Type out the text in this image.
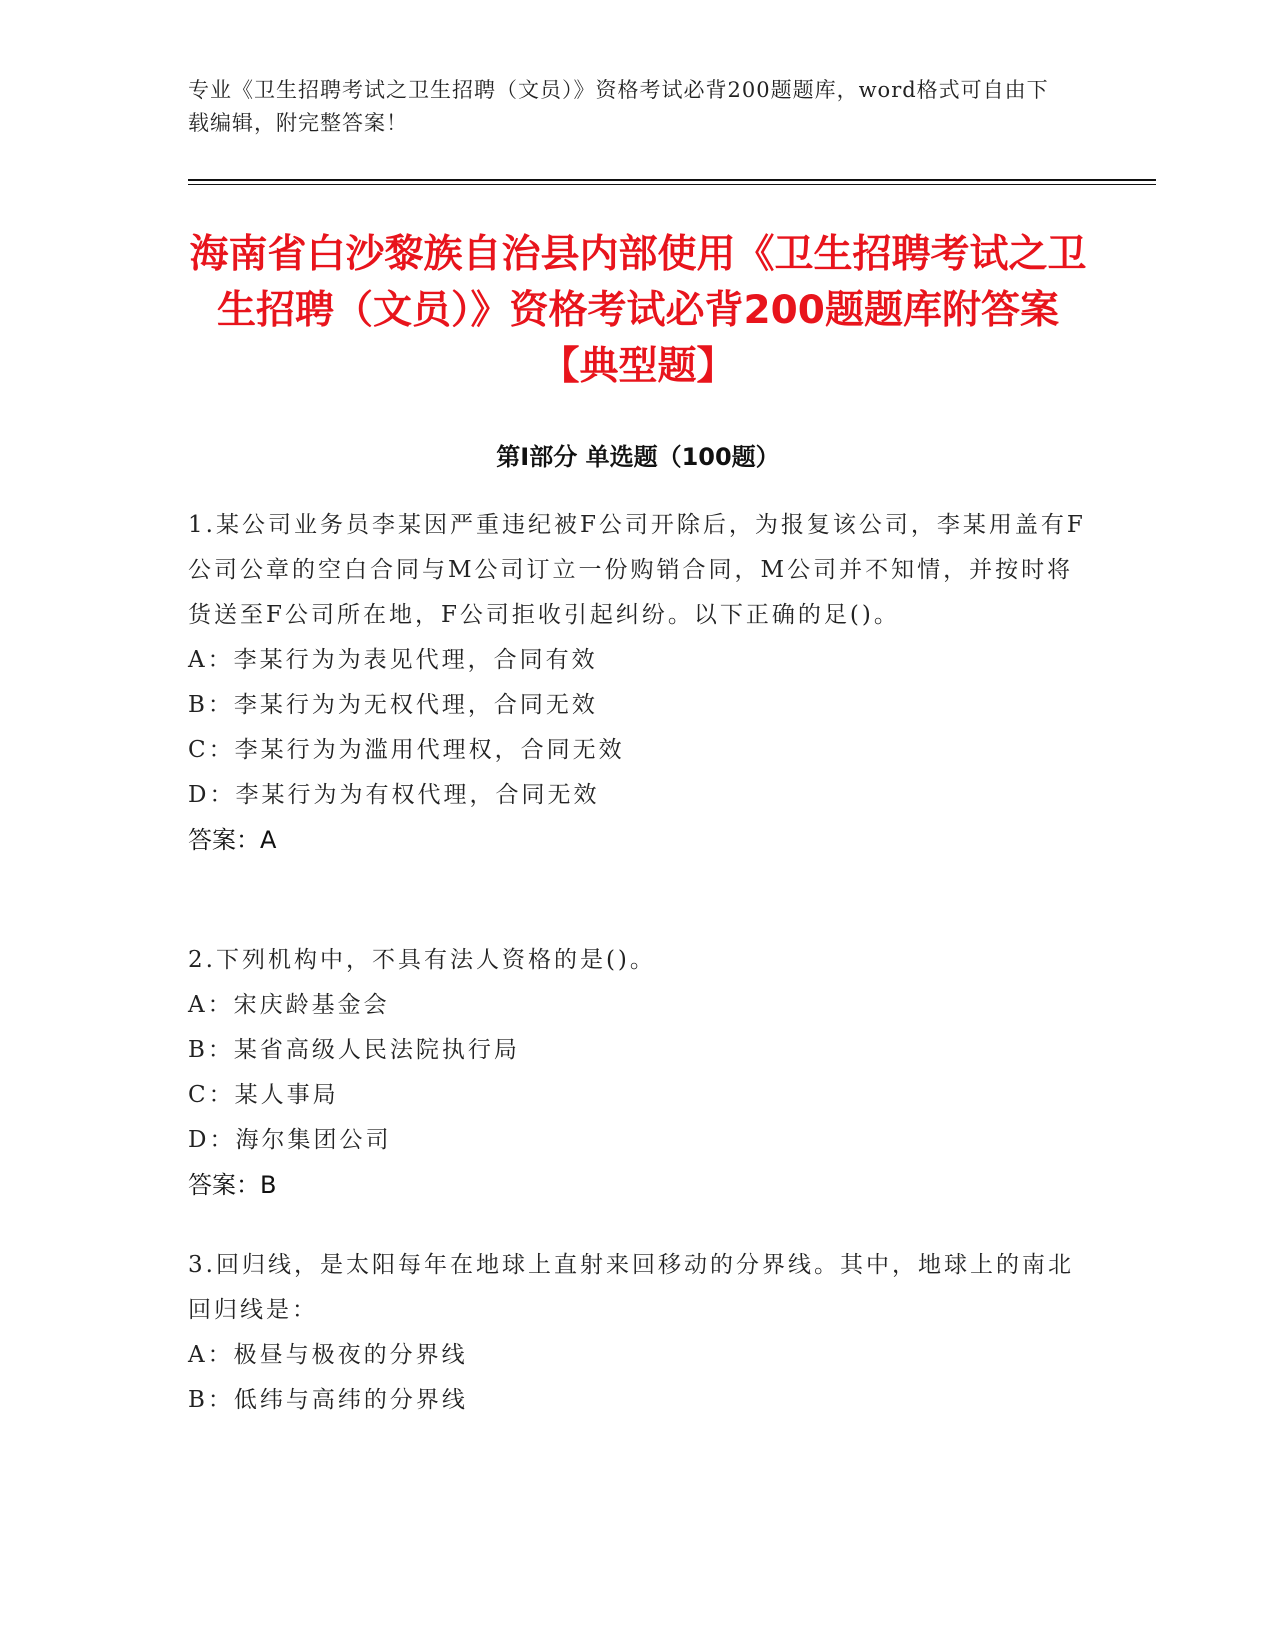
专业《卫生招聘考试之卫生招聘（文员）》资格考试必背200题题库，word格式可自由下载编辑，附完整答案！
海南省白沙黎族自治县内部使用《卫生招聘考试之卫生招聘（文员）》资格考试必背200题题库附答案【典型题】
第Ⅰ部分 单选题（100题）
1.某公司业务员李某因严重违纪被F公司开除后，为报复该公司，李某用盖有F公司公章的空白合同与M公司订立一份购销合同，M公司并不知情，并按时将货送至F公司所在地，F公司拒收引起纠纷。以下正确的足()。
A：李某行为为表见代理，合同有效
B：李某行为为无权代理，合同无效
C：李某行为为滥用代理权，合同无效
D：李某行为为有权代理，合同无效
答案：A
2.下列机构中，不具有法人资格的是()。
A：宋庆龄基金会
B：某省高级人民法院执行局
C：某人事局
D：海尔集团公司
答案：B
3.回归线，是太阳每年在地球上直射来回移动的分界线。其中，地球上的南北回归线是：
A：极昼与极夜的分界线
B：低纬与高纬的分界线
